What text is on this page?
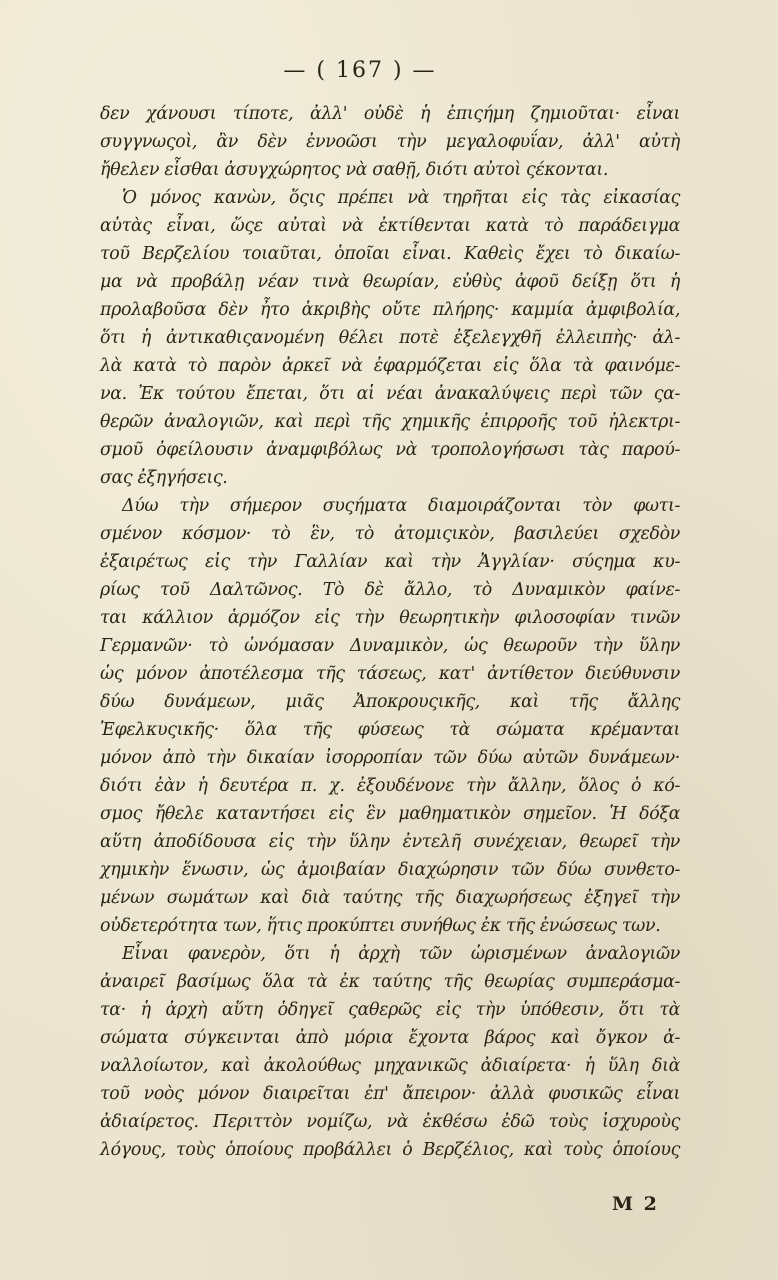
— ( 167 ) —
δεν χάνουσι τίποτε, ἀλλ' οὐδὲ ἡ ἐπιςήμη ζημιοῦται· εἶναι
συγγνωςοὶ, ἂν δὲν ἐννοῶσι τὴν μεγαλοφυΐαν, ἀλλ' αὐτὴ
ἤθελεν εἶσθαι ἀσυγχώρητος νὰ σαθῇ, διότι αὐτοὶ ςέκονται.
Ὁ μόνος κανὼν, ὅςις πρέπει νὰ τηρῆται εἰς τὰς εἰκασίας
αὐτὰς εἶναι, ὥςε αὐταὶ νὰ ἐκτίθενται κατὰ τὸ παράδειγμα
τοῦ Βερζελίου τοιαῦται, ὁποῖαι εἶναι. Καθεὶς ἔχει τὸ δικαίω-
μα νὰ προβάλῃ νέαν τινὰ θεωρίαν, εὐθὺς ἀφοῦ δείξῃ ὅτι ἡ
προλαβοῦσα δὲν ἦτο ἀκριβὴς οὔτε πλήρης· καμμία ἀμφιβολία,
ὅτι ἡ ἀντικαθιςανομένη θέλει ποτὲ ἐξελεγχθῆ ἐλλειπὴς· ἀλ-
λὰ κατὰ τὸ παρὸν ἀρκεῖ νὰ ἐφαρμόζεται εἰς ὅλα τὰ φαινόμε-
να. Ἐκ τούτου ἔπεται, ὅτι αἱ νέαι ἀνακαλύψεις περὶ τῶν ςα-
θερῶν ἀναλογιῶν, καὶ περὶ τῆς χημικῆς ἐπιρροῆς τοῦ ἠλεκτρι-
σμοῦ ὀφείλουσιν ἀναμφιβόλως νὰ τροπολογήσωσι τὰς παρού-
σας ἐξηγήσεις.
Δύω τὴν σήμερον συςήματα διαμοιράζονται τὸν φωτι-
σμένον κόσμον· τὸ ἓν, τὸ ἀτομιςικὸν, βασιλεύει σχεδὸν
ἐξαιρέτως εἰς τὴν Γαλλίαν καὶ τὴν Ἀγγλίαν· σύςημα κυ-
ρίως τοῦ Δαλτῶνος. Τὸ δὲ ἄλλο, τὸ Δυναμικὸν φαίνε-
ται κάλλιον ἁρμόζον εἰς τὴν θεωρητικὴν φιλοσοφίαν τινῶν
Γερμανῶν· τὸ ὠνόμασαν Δυναμικὸν, ὡς θεωροῦν τὴν ὕλην
ὡς μόνον ἀποτέλεσμα τῆς τάσεως, κατ' ἀντίθετον διεύθυνσιν
δύω δυνάμεων, μιᾶς Ἀποκρουςικῆς, καὶ τῆς ἄλλης
Ἐφελκυςικῆς· ὅλα τῆς φύσεως τὰ σώματα κρέμανται
μόνον ἀπὸ τὴν δικαίαν ἰσορροπίαν τῶν δύω αὐτῶν δυνάμεων·
διότι ἐὰν ἡ δευτέρα π. χ. ἐξουδένονε τὴν ἄλλην, ὅλος ὁ κό-
σμος ἤθελε καταντήσει εἰς ἓν μαθηματικὸν σημεῖον. Ἡ δόξα
αὕτη ἀποδίδουσα εἰς τὴν ὕλην ἐντελῆ συνέχειαν, θεωρεῖ τὴν
χημικὴν ἕνωσιν, ὡς ἀμοιβαίαν διαχώρησιν τῶν δύω συνθετο-
μένων σωμάτων καὶ διὰ ταύτης τῆς διαχωρήσεως ἐξηγεῖ τὴν
οὐδετερότητα των, ἥτις προκύπτει συνήθως ἐκ τῆς ἐνώσεως των.
Εἶναι φανερὸν, ὅτι ἡ ἀρχὴ τῶν ὡρισμένων ἀναλογιῶν
ἀναιρεῖ βασίμως ὅλα τὰ ἐκ ταύτης τῆς θεωρίας συμπεράσμα-
τα· ἡ ἀρχὴ αὕτη ὁδηγεῖ ςαθερῶς εἰς τὴν ὑπόθεσιν, ὅτι τὰ
σώματα σύγκεινται ἀπὸ μόρια ἔχοντα βάρος καὶ ὄγκον ἀ-
ναλλοίωτον, καὶ ἀκολούθως μηχανικῶς ἀδιαίρετα· ἡ ὕλη διὰ
τοῦ νοὸς μόνον διαιρεῖται ἐπ' ἄπειρον· ἀλλὰ φυσικῶς εἶναι
ἀδιαίρετος. Περιττὸν νομίζω, νὰ ἐκθέσω ἐδῶ τοὺς ἰσχυροὺς
λόγους, τοὺς ὁποίους προβάλλει ὁ Βερζέλιος, καὶ τοὺς ὁποίους
M 2
